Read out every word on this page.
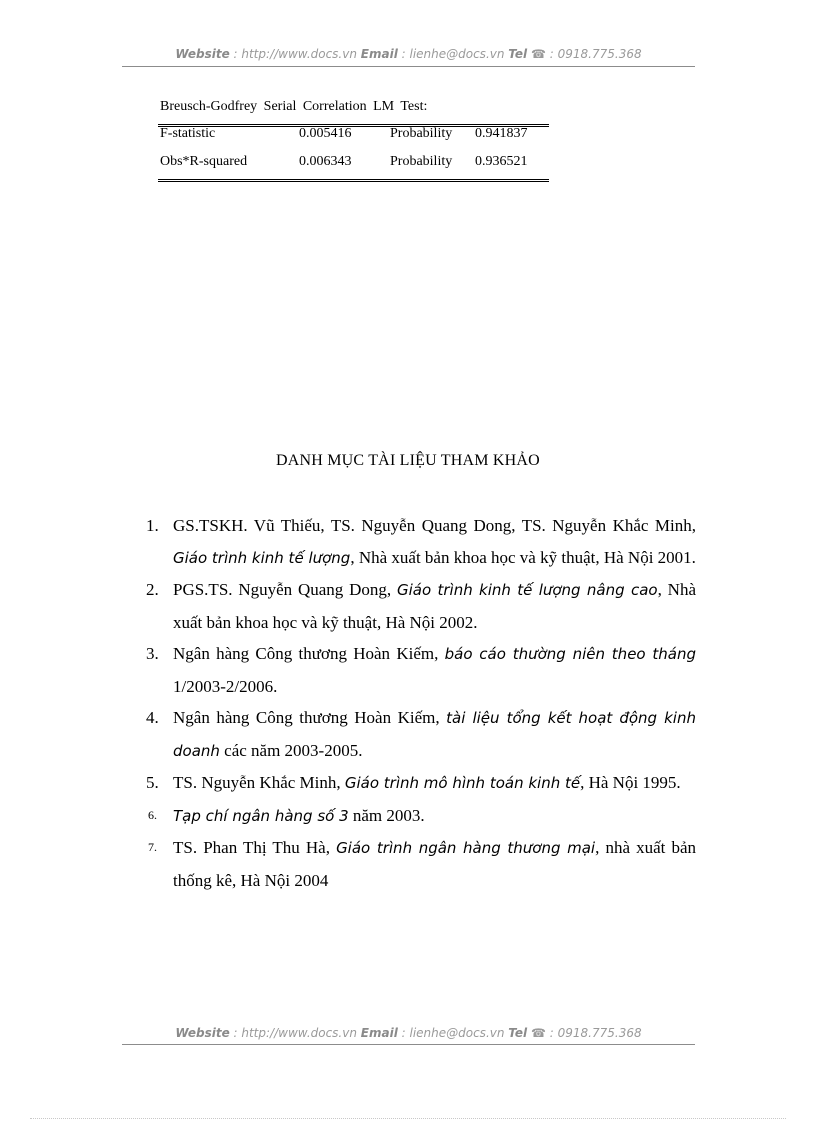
Website : http://www.docs.vn Email : lienhe@docs.vn Tel ☎ : 0918.775.368
Breusch-Godfrey Serial Correlation LM Test:
F-statistic	0.005416	Probability 0.941837
Obs*R-squared	0.006343	Probability 0.936521
DANH MỤC TÀI LIỆU THAM KHẢO
1. GS.TSKH. Vũ Thiếu, TS. Nguyễn Quang Dong, TS. Nguyễn Khắc Minh, Giáo trình kinh tế lượng, Nhà xuất bản khoa học và kỹ thuật, Hà Nội 2001.
2. PGS.TS. Nguyễn Quang Dong, Giáo trình kinh tế lượng nâng cao, Nhà xuất bản khoa học và kỹ thuật, Hà Nội 2002.
3. Ngân hàng Công thương Hoàn Kiếm, báo cáo thường niên theo tháng 1/2003-2/2006.
4. Ngân hàng Công thương Hoàn Kiếm, tài liệu tổng kết hoạt động kinh doanh các năm 2003-2005.
5. TS. Nguyễn Khắc Minh, Giáo trình mô hình toán kinh tế, Hà Nội 1995.
6. Tạp chí ngân hàng số 3 năm 2003.
7. TS. Phan Thị Thu Hà, Giáo trình ngân hàng thương mại, nhà xuất bản thống kê, Hà Nội 2004
Website : http://www.docs.vn Email : lienhe@docs.vn Tel ☎ : 0918.775.368
